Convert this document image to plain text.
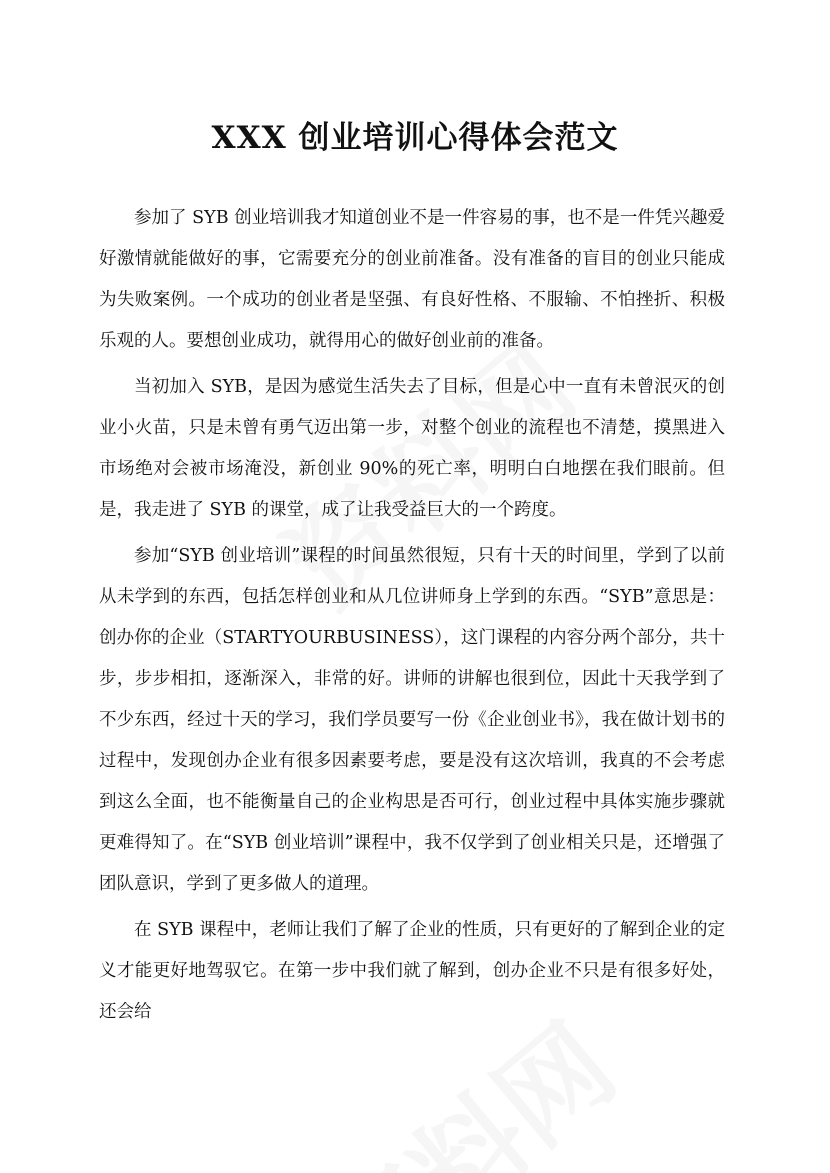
XXX 创业培训心得体会范文

参加了 SYB 创业培训我才知道创业不是一件容易的事，也不是一件凭兴趣爱好激情就能做好的事，它需要充分的创业前准备。没有准备的盲目的创业只能成为失败案例。一个成功的创业者是坚强、有良好性格、不服输、不怕挫折、积极乐观的人。要想创业成功，就得用心的做好创业前的准备。

当初加入 SYB，是因为感觉生活失去了目标，但是心中一直有未曾泯灭的创业小火苗，只是未曾有勇气迈出第一步，对整个创业的流程也不清楚，摸黑进入市场绝对会被市场淹没，新创业 90%的死亡率，明明白白地摆在我们眼前。但是，我走进了 SYB 的课堂，成了让我受益巨大的一个跨度。

参加“SYB 创业培训”课程的时间虽然很短，只有十天的时间里，学到了以前从未学到的东西，包括怎样创业和从几位讲师身上学到的东西。“SYB”意思是：创办你的企业（STARTYOURBUSINESS），这门课程的内容分两个部分，共十步，步步相扣，逐渐深入，非常的好。讲师的讲解也很到位，因此十天我学到了不少东西，经过十天的学习，我们学员要写一份《企业创业书》，我在做计划书的过程中，发现创办企业有很多因素要考虑，要是没有这次培训，我真的不会考虑到这么全面，也不能衡量自己的企业构思是否可行，创业过程中具体实施步骤就更难得知了。在“SYB 创业培训”课程中，我不仅学到了创业相关只是，还增强了团队意识，学到了更多做人的道理。

在 SYB 课程中，老师让我们了解了企业的性质，只有更好的了解到企业的定义才能更好地驾驭它。在第一步中我们就了解到，创办企业不只是有很多好处，还会给
